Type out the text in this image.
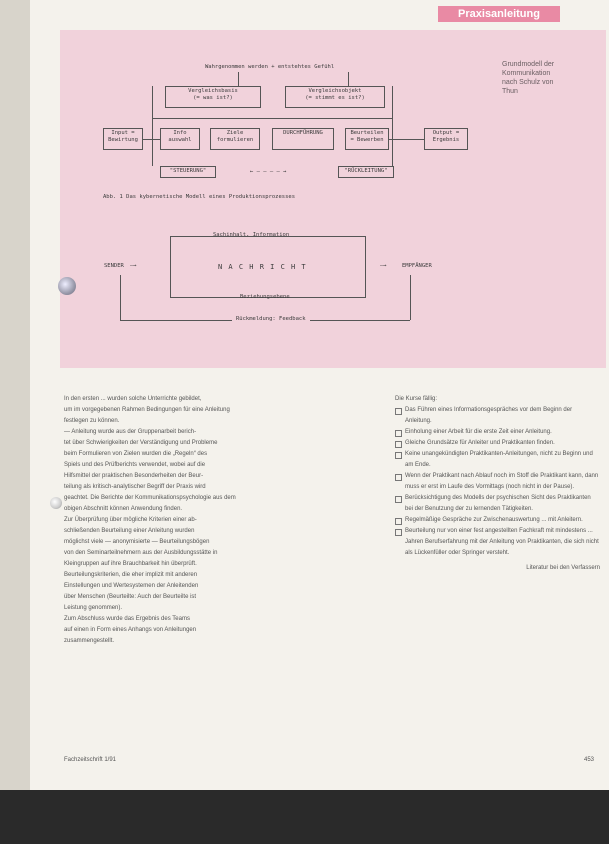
Praxisanleitung
Grundmodell der
Kommunikation
nach Schulz von
Thun
Wahrgenommen werden + entstehtes Gefühl
Vergleichsbasis
(= was ist?)
Vergleichsobjekt
(= stimmt es ist?)
Input =
Bewirtung
Info
auswahl
Ziele
formulieren
DURCHFÜHRUNG	Beurteilen
= Bewerben
Output =
Ergebnis
"STEUERUNG"	← — — — — →	"RÜCKLEITUNG"
Abb. 1 Das kybernetische Modell eines Produktionsprozesses
Sachinhalt, Information
N A C H R I C H T
SENDER —→	—→	EMPFÄNGER
Beziehungsebene
Rückmeldung: Feedback

In den ersten ... wurden solche Unterrichte gebildet,

um im vorgegebenen Rahmen Bedingungen für eine Anleitung

festlegen zu können.

— Anleitung wurde aus der Gruppenarbeit berich-

tet über Schwierigkeiten der Verständigung und Probleme

beim Formulieren von Zielen wurden die „Regeln“ des

Spiels und des Prüfberichts verwendet, wobei auf die

Hilfsmittel der praktischen Besonderheiten der Beur-

teilung als kritisch-analytischer Begriff der Praxis wird

geachtet. Die Berichte der Kommunikationspsychologie aus dem

obigen Abschnitt können Anwendung finden.

Zur Überprüfung über mögliche Kriterien einer ab-

schließenden Beurteilung einer Anleitung wurden

möglichst viele — anonymisierte — Beurteilungsbögen

von den Seminarteilnehmern aus der Ausbildungsstätte in

Kleingruppen auf ihre Brauchbarkeit hin überprüft.

Beurteilungskriterien, die eher implizit mit anderen

Einstellungen und Wertesystemen der Anleitenden

über Menschen (Beurteilte: Auch der Beurteilte ist

Leistung genommen).

Zum Abschluss wurde das Ergebnis des Teams

auf einen in Form eines Anhangs von Anleitungen

zusammengestellt.

Die Kurse fällig:

Das Führen eines Informationsgespräches vor dem Beginn der Anleitung.
Einholung einer Arbeit für die erste Zeit einer Anleitung.
Gleiche Grundsätze für Anleiter und Praktikanten finden.
Keine unangekündigten Praktikanten-Anleitungen, nicht zu Beginn und am Ende.
Wenn der Praktikant nach Ablauf noch im Stoff die Praktikant kann, dann muss er erst im Laufe des Vormittags (noch nicht in der Pause).
Berücksichtigung des Modells der psychischen Sicht des Praktikanten bei der Benutzung der zu lernenden Tätigkeiten.
Regelmäßige Gespräche zur Zwischenauswertung ... mit Anleitern.
Beurteilung nur von einer fest angestellten Fachkraft mit mindestens ... Jahren Berufserfahrung mit der Anleitung von Praktikanten, die sich nicht als Lückenfüller oder Springer versteht.

Literatur bei den Verfassern

Fachzeitschrift 1/91	453
